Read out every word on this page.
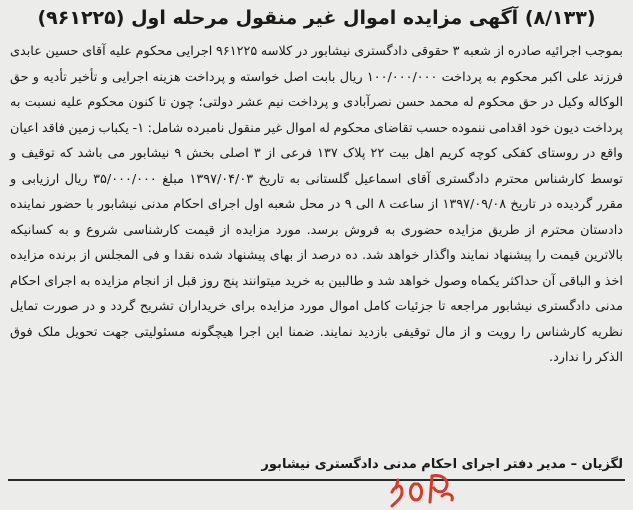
(۸/۱۳۳) آگهی مزایده اموال غیر منقول مرحله اول (۹۶۱۲۲۵)

بموجب اجرائیه صادره از شعبه ۳ حقوقی دادگستری نیشابور در کلاسه ۹۶۱۲۲۵ اجرایی محکوم علیه آقای حسین عابدی فرزند علی اکبر محکوم به پرداخت ۱۰۰/۰۰۰/۰۰۰ ریال بابت اصل خواسته و پرداخت هزینه اجرایی و تأخیر تأدیه و حق الوکاله وکیل در حق محکوم له محمد حسن نصرآبادی و پرداخت نیم عشر دولتی؛ چون تا کنون محکوم علیه نسبت به پرداخت دیون خود اقدامی ننموده حسب تقاضای محکوم له اموال غیر منقول نامبرده شامل: ۱- یکباب زمین فاقد اعیان واقع در روستای کفکی کوچه کریم اهل بیت ۲۲ پلاک ۱۳۷ فرعی از ۳ اصلی بخش ۹ نیشابور می باشد که توقیف و توسط کارشناس محترم دادگستری آقای اسماعیل گلستانی به تاریخ ۱۳۹۷/۰۴/۰۳ مبلغ ۳۵/۰۰۰/۰۰۰ ریال ارزیابی و مقرر گردیده در تاریخ ۱۳۹۷/۰۹/۰۸ از ساعت ۸ الی ۹ در محل شعبه اول اجرای احکام مدنی نیشابور با حضور نماینده دادستان محترم از طریق مزایده حضوری به فروش برسد. مورد مزایده از قیمت کارشناسی شروع و به کسانیکه بالاترین قیمت را پیشنهاد نمایند واگذار خواهد شد. ده درصد از بهای پیشنهاد شده نقدا و فی المجلس از برنده مزایده اخذ و الباقی آن حداکثر یکماه وصول خواهد شد و طالبین به خرید میتوانند پنج روز قبل از انجام مزایده به اجرای احکام مدنی دادگستری نیشابور مراجعه تا جزئیات کامل اموال مورد مزایده برای خریداران تشریح گردد و در صورت تمایل نظریه کارشناس را رویت و از مال توقیفی بازدید نمایند. ضمنا این اجرا هیچگونه مسئولیتی جهت تحویل ملک فوق الذکر را ندارد.

لگزیان – مدیر دفتر اجرای احکام مدنی دادگستری نیشابور
